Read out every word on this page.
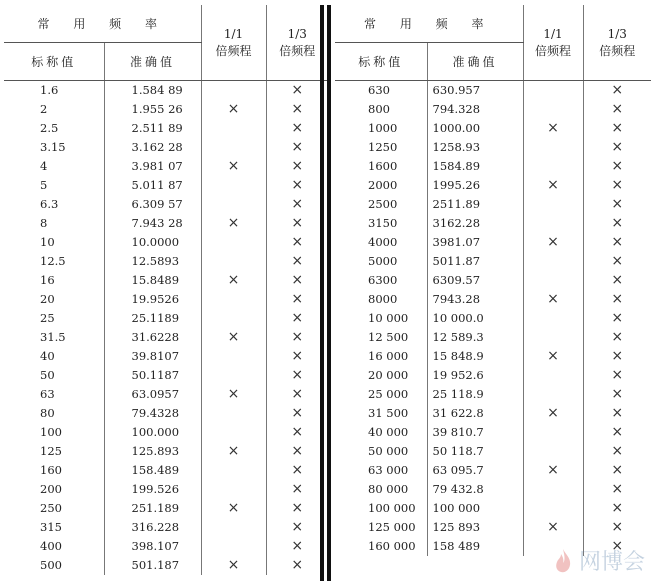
常 用 频 率		1/1
倍频程	1/3
倍频程
标称值	准确值		
1.6	1.584 89		×
2	1.955 26	×	×
2.5	2.511 89		×
3.15	3.162 28		×
4	3.981 07	×	×
5	5.011 87		×
6.3	6.309 57		×
8	7.943 28	×	×
10	10.0000		×
12.5	12.5893		×
16	15.8489	×	×
20	19.9526		×
25	25.1189		×
31.5	31.6228	×	×
40	39.8107		×
50	50.1187		×
63	63.0957	×	×
80	79.4328		×
100	100.000		×
125	125.893	×	×
160	158.489		×
200	199.526		×
250	251.189	×	×
315	316.228		×
400	398.107		×
500	501.187	×	×
常 用 频 率		1/1
倍频程	1/3
倍频程
标称值	准确值		
630	630.957		×
800	794.328		×
1000	1000.00	×	×
1250	1258.93		×
1600	1584.89		×
2000	1995.26	×	×
2500	2511.89		×
3150	3162.28		×
4000	3981.07	×	×
5000	5011.87		×
6300	6309.57		×
8000	7943.28	×	×
10 000	10 000.0		×
12 500	12 589.3		×
16 000	15 848.9	×	×
20 000	19 952.6		×
25 000	25 118.9		×
31 500	31 622.8	×	×
40 000	39 810.7		×
50 000	50 118.7		×
63 000	63 095.7	×	×
80 000	79 432.8		×
100 000	100 000		×
125 000	125 893	×	×
160 000	158 489		×
网博会
